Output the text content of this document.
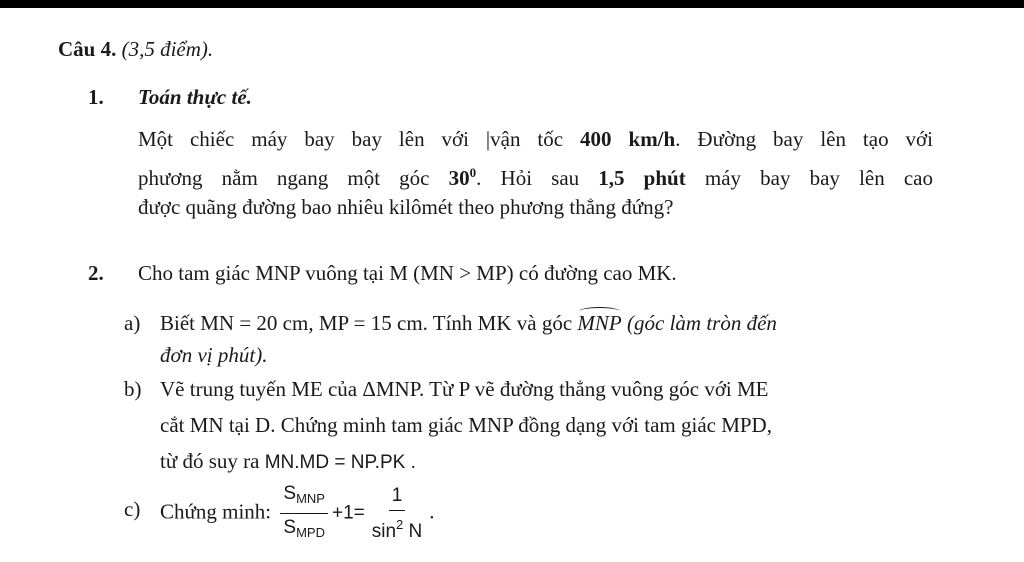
Câu 4. (3,5 điểm).
1. Toán thực tế.
Một chiếc máy bay bay lên với |vận tốc 400 km/h. Đường bay lên tạo với
phương nằm ngang một góc $30^0$. Hỏi sau 1,5 phút máy bay bay lên cao
được quãng đường bao nhiêu kilômét theo phương thẳng đứng?
2. Cho tam giác MNP vuông tại M (MN > MP) có đường cao MK.
a) Biết MN = 20 cm, MP = 15 cm. Tính MK và góc MNP (góc làm tròn đến
đơn vị phút).
b) Vẽ trung tuyến ME của ΔMNP. Từ P vẽ đường thẳng vuông góc với ME
cắt MN tại D. Chứng minh tam giác MNP đồng dạng với tam giác MPD,
từ đó suy ra MN.MD = NP.PK .
c) Chứng minh: $\frac{S_{MNP}}{S_{MPD}} +1= \frac{1}{\sin^2 N}$ .
